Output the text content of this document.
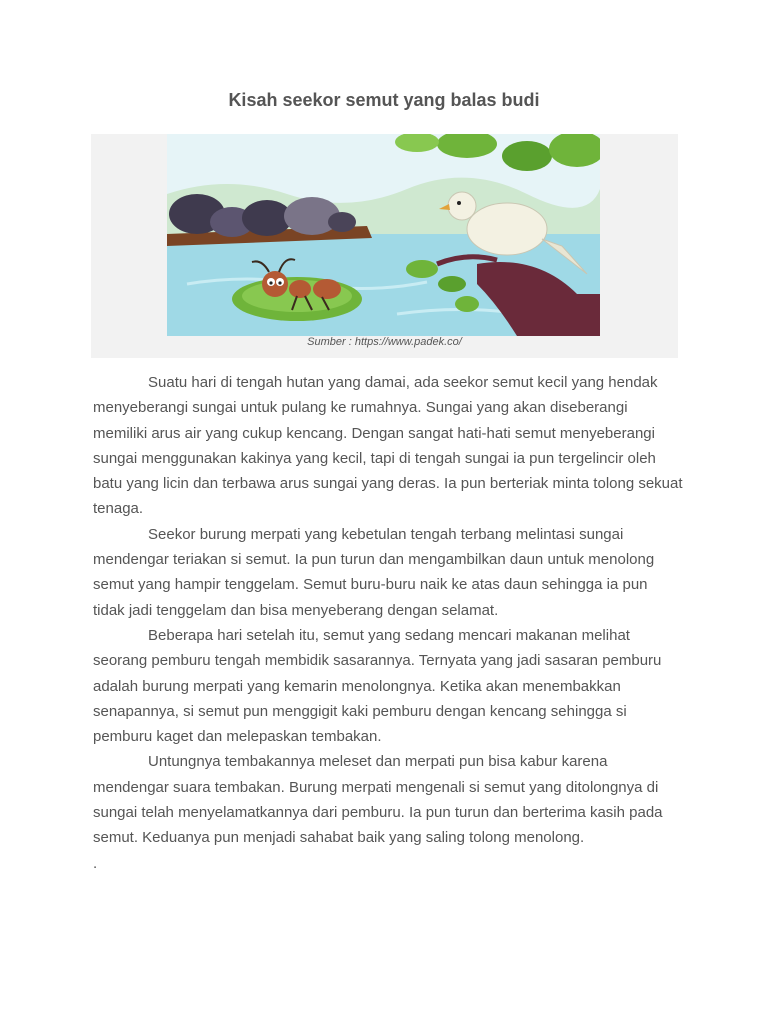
Kisah seekor semut yang balas budi
Sumber : https://www.padek.co/

Suatu hari di tengah hutan yang damai, ada seekor semut kecil yang hendak menyeberangi sungai untuk pulang ke rumahnya. Sungai yang akan diseberangi memiliki arus air yang cukup kencang. Dengan sangat hati-hati semut menyeberangi sungai menggunakan kakinya yang kecil, tapi di tengah sungai ia pun tergelincir oleh batu yang licin dan terbawa arus sungai yang deras. Ia pun berteriak minta tolong sekuat tenaga.

Seekor burung merpati yang kebetulan tengah terbang melintasi sungai mendengar teriakan si semut. Ia pun turun dan mengambilkan daun untuk menolong semut yang hampir tenggelam. Semut buru-buru naik ke atas daun sehingga ia pun tidak jadi tenggelam dan bisa menyeberang dengan selamat.

Beberapa hari setelah itu, semut yang sedang mencari makanan melihat seorang pemburu tengah membidik sasarannya. Ternyata yang jadi sasaran pemburu adalah burung merpati yang kemarin menolongnya. Ketika akan menembakkan senapannya, si semut pun menggigit kaki pemburu dengan kencang sehingga si pemburu kaget dan melepaskan tembakan.

Untungnya tembakannya meleset dan merpati pun bisa kabur karena mendengar suara tembakan. Burung merpati mengenali si semut yang ditolongnya di sungai telah menyelamatkannya dari pemburu. Ia pun turun dan berterima kasih pada semut. Keduanya pun menjadi sahabat baik yang saling tolong menolong.

.
